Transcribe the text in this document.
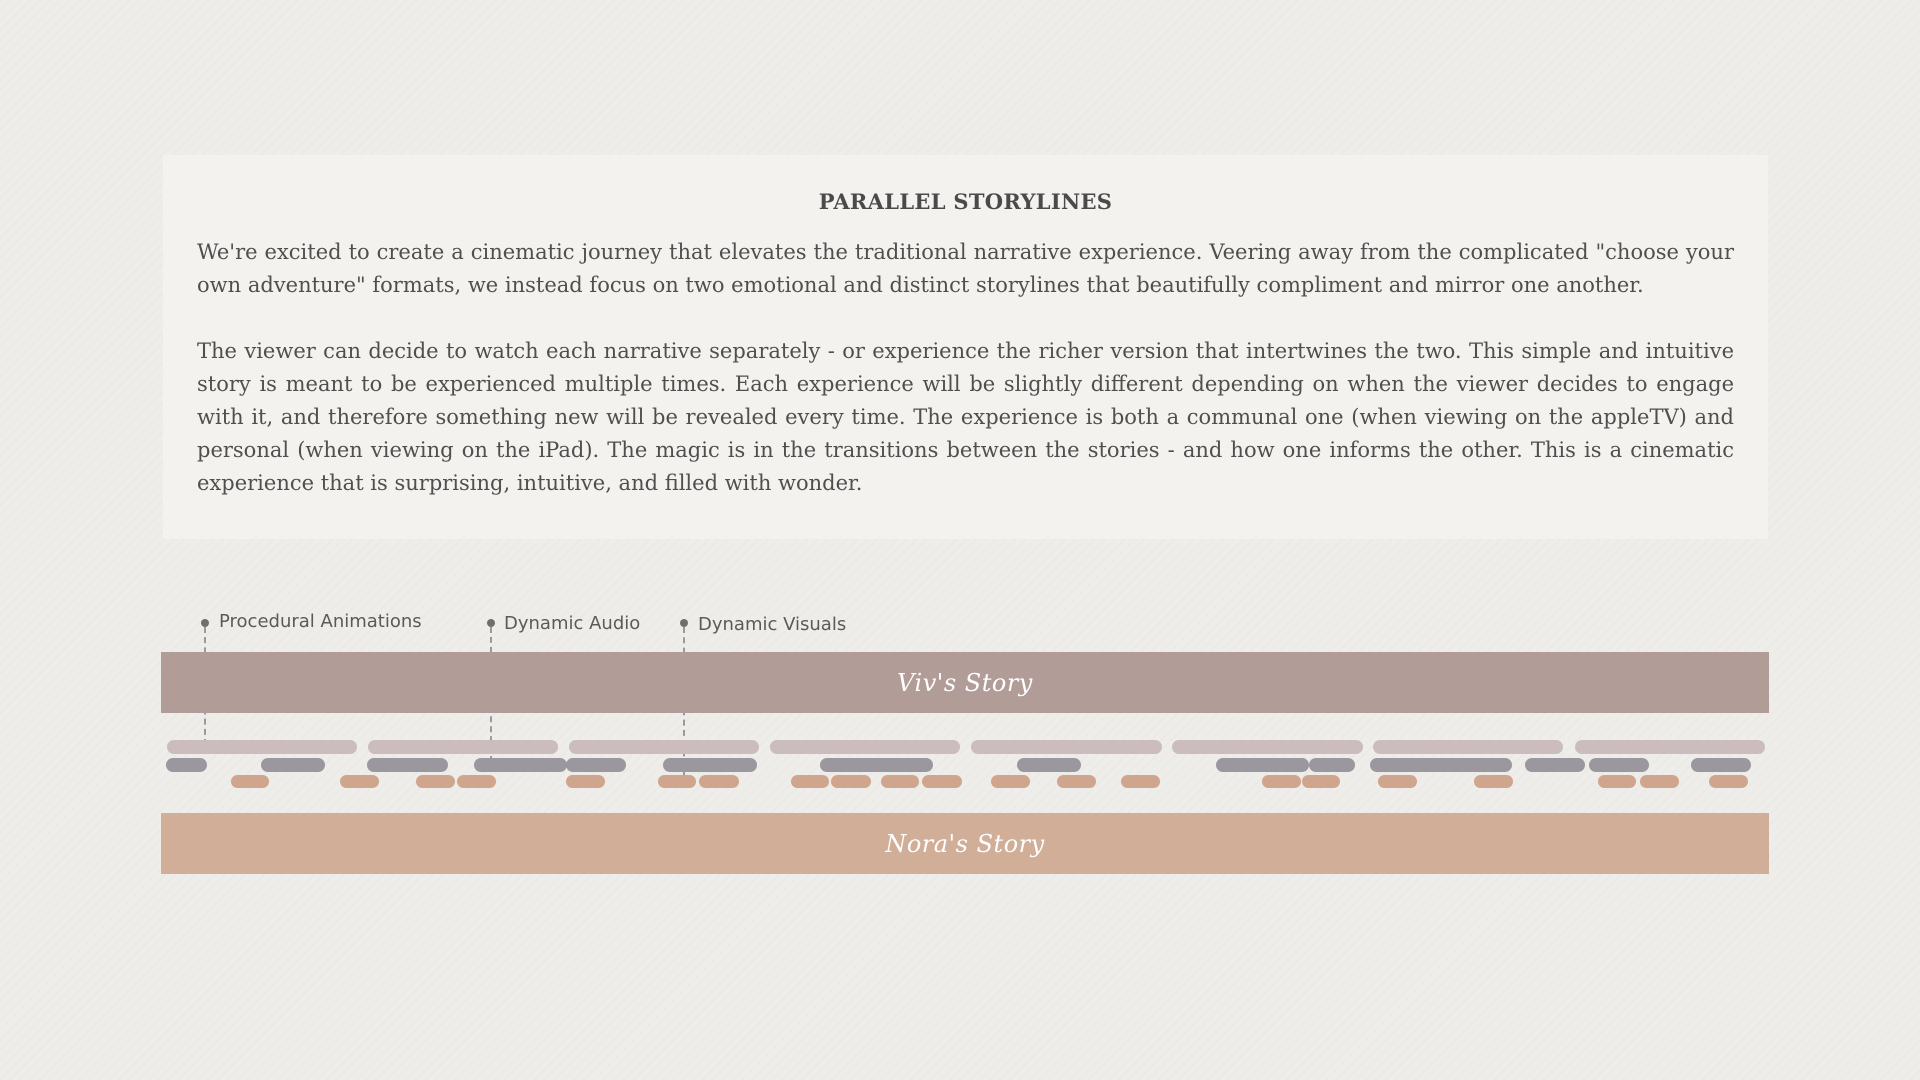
PARALLEL STORYLINES

We're excited to create a cinematic journey that elevates the traditional narrative experience. Veering away from the complicated "choose your own adventure" formats, we instead focus on two emotional and distinct storylines that beautifully compliment and mirror one another.

The viewer can decide to watch each narrative separately - or experience the richer version that intertwines the two. This simple and intuitive story is meant to be experienced multiple times. Each experience will be slightly different depending on when the viewer decides to engage with it, and therefore something new will be revealed every time. The experience is both a communal one (when viewing on the appleTV) and personal (when viewing on the iPad). The magic is in the transitions between the stories - and how one informs the other. This is a cinematic experience that is surprising, intuitive, and filled with wonder.

Procedural Animations	Dynamic Audio	Dynamic Visuals
Viv's Story
Nora's Story
